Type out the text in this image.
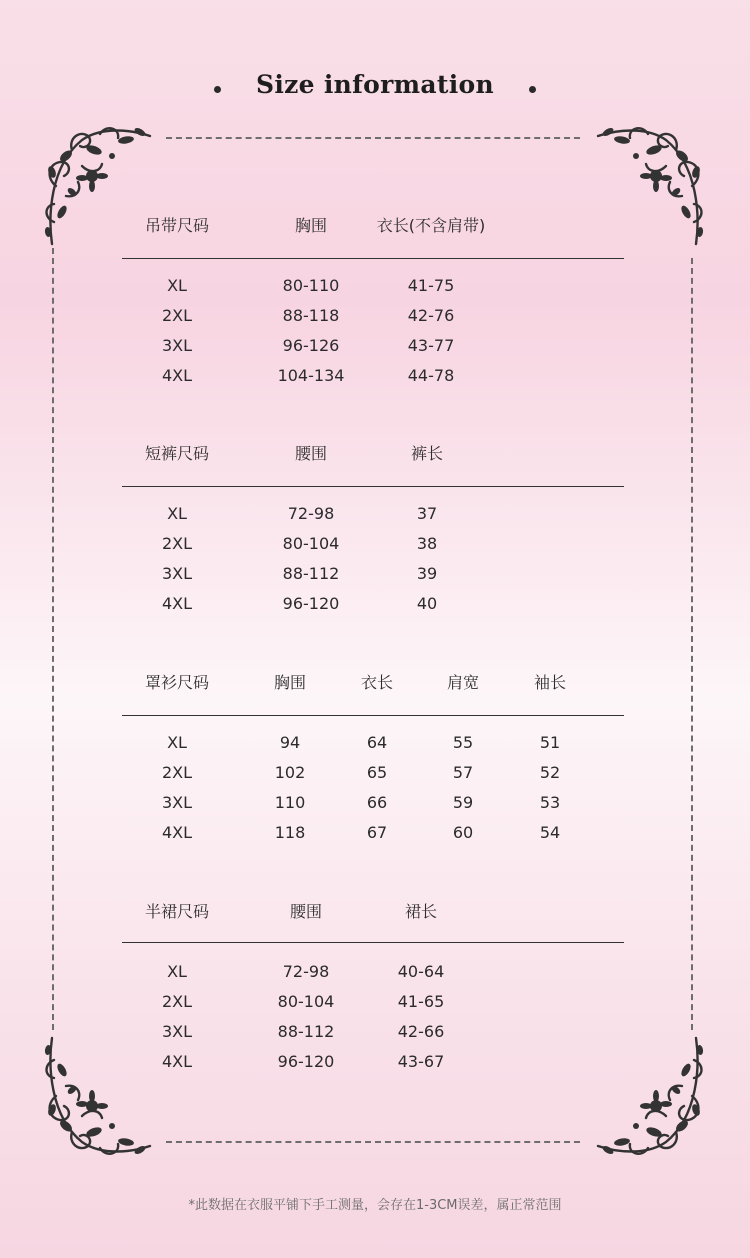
Size information
吊带尺码	胸围	衣长(不含肩带)
XL	80-110	41-75
2XL	88-118	42-76
3XL	96-126	43-77
4XL	104-134	44-78
短裤尺码	腰围	裤长
XL	72-98	37
2XL	80-104	38
3XL	88-112	39
4XL	96-120	40
罩衫尺码	胸围	衣长	肩宽	袖长
XL	94	64	55	51
2XL	102	65	57	52
3XL	110	66	59	53
4XL	118	67	60	54
半裙尺码	腰围	裙长
XL	72-98	40-64
2XL	80-104	41-65
3XL	88-112	42-66
4XL	96-120	43-67
*此数据在衣服平铺下手工测量，会存在1-3CM误差，属正常范围
